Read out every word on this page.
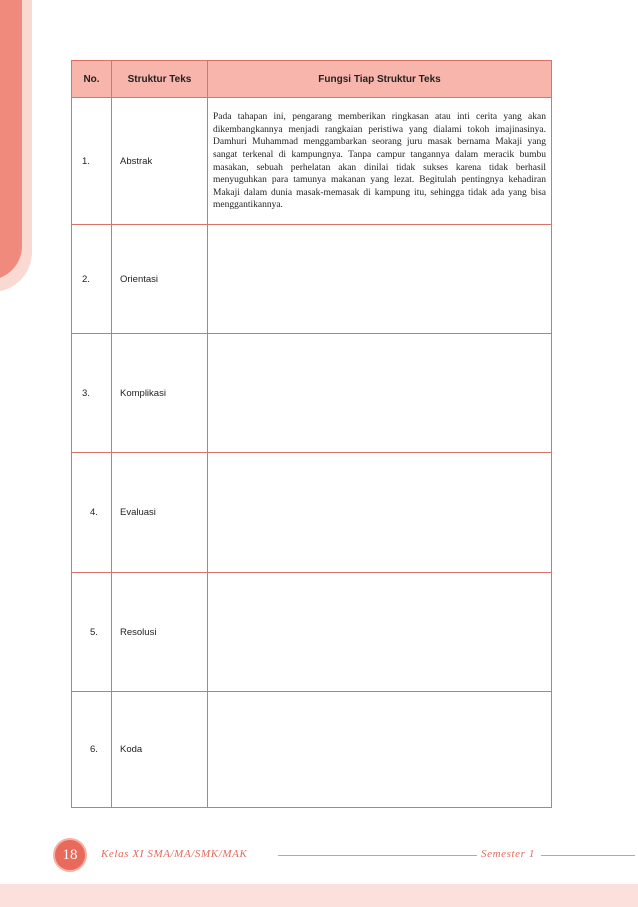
No.	Struktur Teks	Fungsi Tiap Struktur Teks
1.	Abstrak	Pada tahapan ini, pengarang memberikan ringkasan atau inti cerita yang akan dikembangkannya menjadi rangkaian peristiwa yang dialami tokoh imajinasinya. Damhuri Muhammad menggambarkan seorang juru masak bernama Makaji yang sangat terkenal di kampungnya. Tanpa campur tangannya dalam meracik bumbu masakan, sebuah perhelatan akan dinilai tidak sukses karena tidak berhasil menyuguhkan para tamunya makanan yang lezat. Begitulah pentingnya kehadiran Makaji dalam dunia masak-memasak di kampung itu, sehingga tidak ada yang bisa menggantikannya.
2.	Orientasi	
3.	Komplikasi	
4.	Evaluasi	
5.	Resolusi	
6.	Koda	
18	Kelas XI SMA/MA/SMK/MAK	Semester 1
